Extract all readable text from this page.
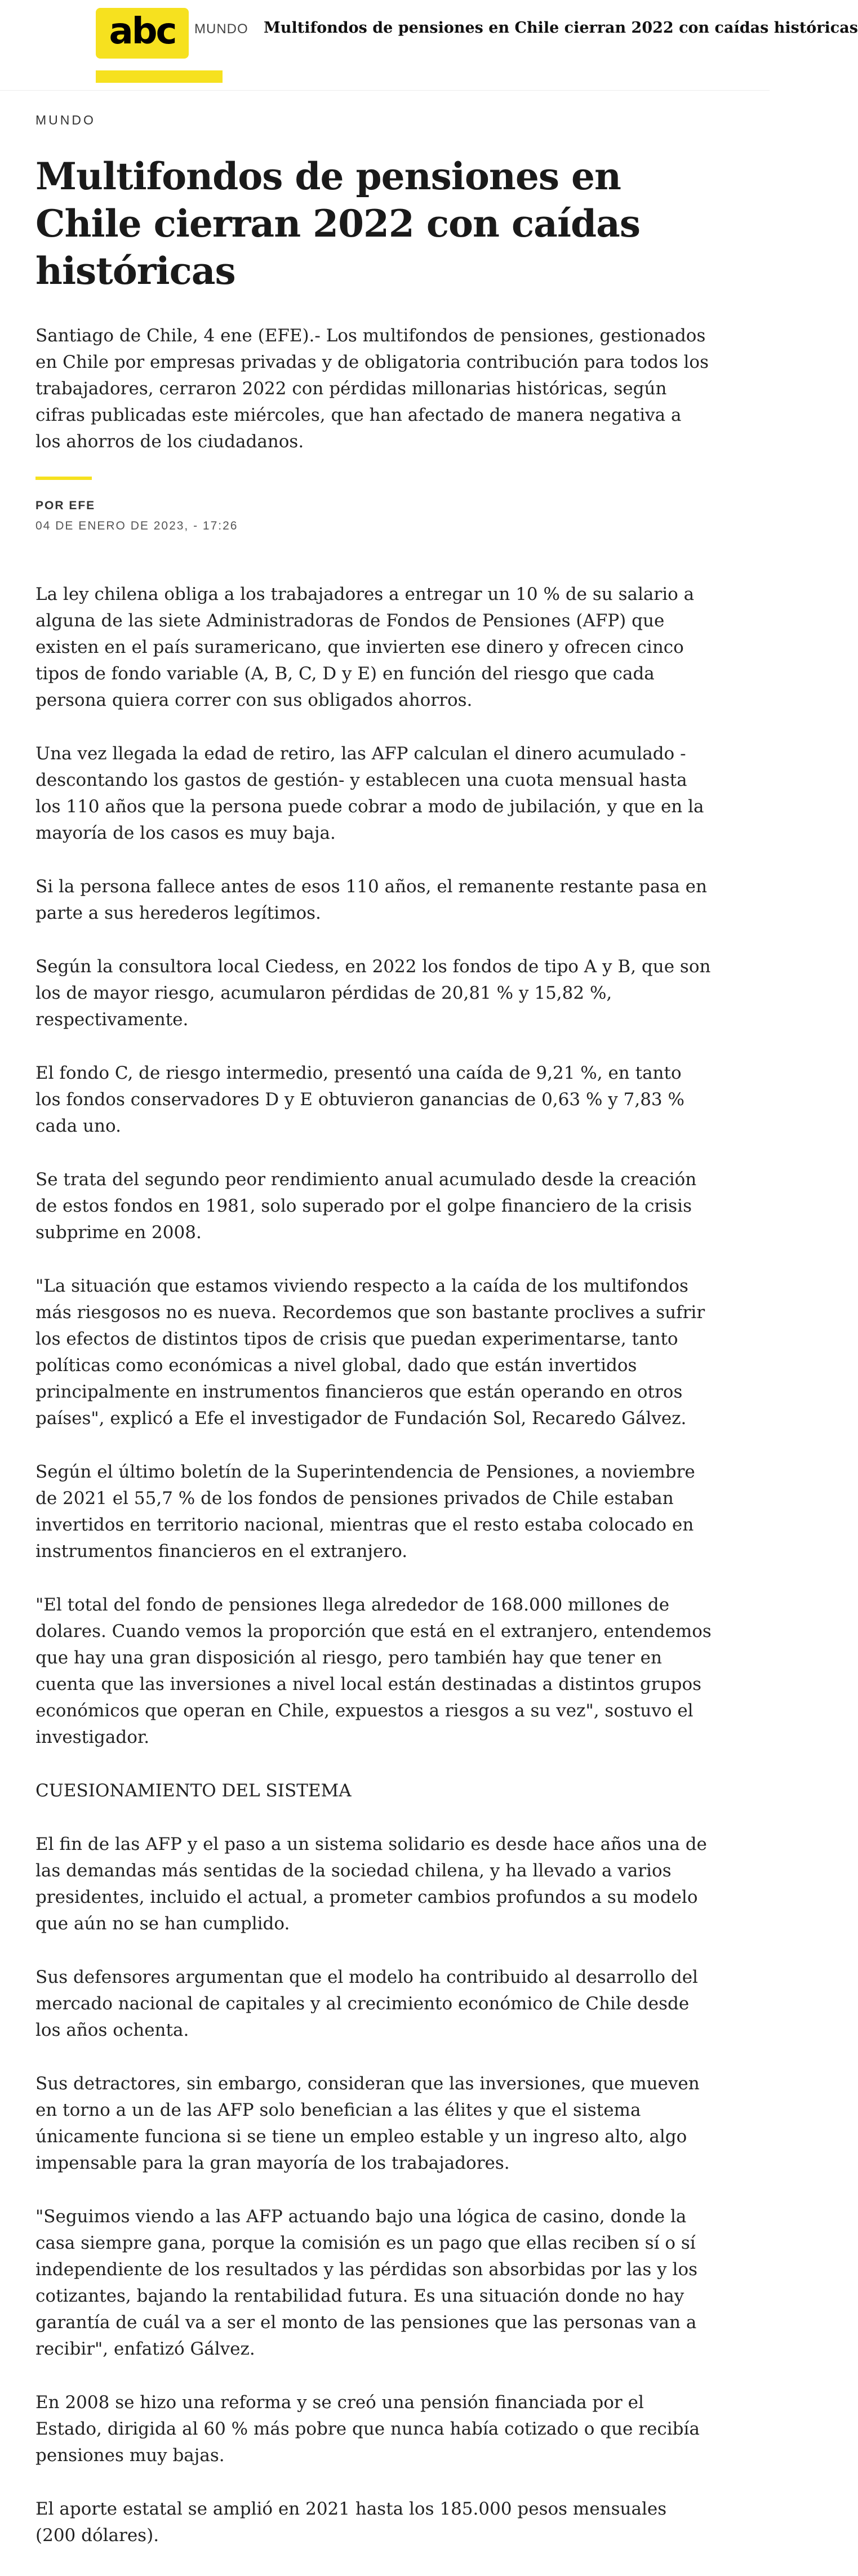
abc MUNDO Multifondos de pensiones en Chile cierran 2022 con caídas históricas

MUNDO

Multifondos de pensiones en Chile cierran 2022 con caídas históricas

Santiago de Chile, 4 ene (EFE).- Los multifondos de pensiones, gestionados en Chile por empresas privadas y de obligatoria contribución para todos los trabajadores, cerraron 2022 con pérdidas millonarias históricas, según cifras publicadas este miércoles, que han afectado de manera negativa a los ahorros de los ciudadanos.

POR EFE
04 DE ENERO DE 2023, - 17:26

La ley chilena obliga a los trabajadores a entregar un 10 % de su salario a alguna de las siete Administradoras de Fondos de Pensiones (AFP) que existen en el país suramericano, que invierten ese dinero y ofrecen cinco tipos de fondo variable (A, B, C, D y E) en función del riesgo que cada persona quiera correr con sus obligados ahorros.

Una vez llegada la edad de retiro, las AFP calculan el dinero acumulado - descontando los gastos de gestión- y establecen una cuota mensual hasta los 110 años que la persona puede cobrar a modo de jubilación, y que en la mayoría de los casos es muy baja.

Si la persona fallece antes de esos 110 años, el remanente restante pasa en parte a sus herederos legítimos.

Según la consultora local Ciedess, en 2022 los fondos de tipo A y B, que son los de mayor riesgo, acumularon pérdidas de 20,81 % y 15,82 %, respectivamente.

El fondo C, de riesgo intermedio, presentó una caída de 9,21 %, en tanto los fondos conservadores D y E obtuvieron ganancias de 0,63 % y 7,83 % cada uno.

Se trata del segundo peor rendimiento anual acumulado desde la creación de estos fondos en 1981, solo superado por el golpe financiero de la crisis subprime en 2008.

"La situación que estamos viviendo respecto a la caída de los multifondos más riesgosos no es nueva. Recordemos que son bastante proclives a sufrir los efectos de distintos tipos de crisis que puedan experimentarse, tanto políticas como económicas a nivel global, dado que están invertidos principalmente en instrumentos financieros que están operando en otros países", explicó a Efe el investigador de Fundación Sol, Recaredo Gálvez.

Según el último boletín de la Superintendencia de Pensiones, a noviembre de 2021 el 55,7 % de los fondos de pensiones privados de Chile estaban invertidos en territorio nacional, mientras que el resto estaba colocado en instrumentos financieros en el extranjero.

"El total del fondo de pensiones llega alrededor de 168.000 millones de dolares. Cuando vemos la proporción que está en el extranjero, entendemos que hay una gran disposición al riesgo, pero también hay que tener en cuenta que las inversiones a nivel local están destinadas a distintos grupos económicos que operan en Chile, expuestos a riesgos a su vez", sostuvo el investigador.

CUESIONAMIENTO DEL SISTEMA

El fin de las AFP y el paso a un sistema solidario es desde hace años una de las demandas más sentidas de la sociedad chilena, y ha llevado a varios presidentes, incluido el actual, a prometer cambios profundos a su modelo que aún no se han cumplido.

Sus defensores argumentan que el modelo ha contribuido al desarrollo del mercado nacional de capitales y al crecimiento económico de Chile desde los años ochenta.

Sus detractores, sin embargo, consideran que las inversiones, que mueven en torno a un de las AFP solo benefician a las élites y que el sistema únicamente funciona si se tiene un empleo estable y un ingreso alto, algo impensable para la gran mayoría de los trabajadores.

"Seguimos viendo a las AFP actuando bajo una lógica de casino, donde la casa siempre gana, porque la comisión es un pago que ellas reciben sí o sí independiente de los resultados y las pérdidas son absorbidas por las y los cotizantes, bajando la rentabilidad futura. Es una situación donde no hay garantía de cuál va a ser el monto de las pensiones que las personas van a recibir", enfatizó Gálvez.

En 2008 se hizo una reforma y se creó una pensión financiada por el Estado, dirigida al 60 % más pobre que nunca había cotizado o que recibía pensiones muy bajas.

El aporte estatal se amplió en 2021 hasta los 185.000 pesos mensuales (200 dólares).
